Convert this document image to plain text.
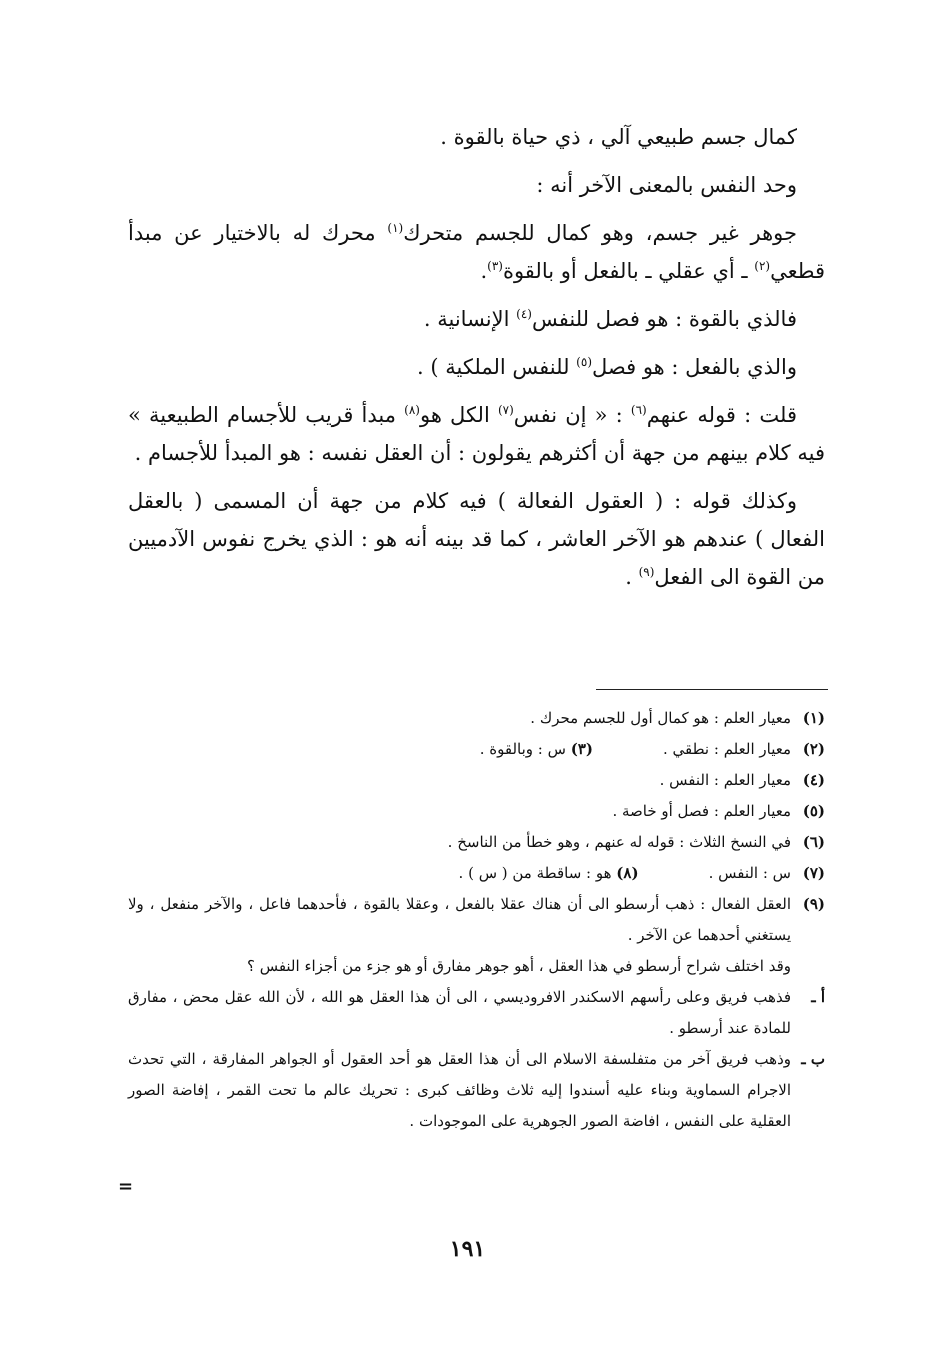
كمال جسم طبيعي آلي ، ذي حياة بالقوة .

وحد النفس بالمعنى الآخر أنه :

جوهر غير جسم، وهو كمال للجسم متحرك$^{(١)}$ محرك له بالاختيار عن مبدأ قطعي$^{(٢)}$ ـ أي عقلي ـ بالفعل أو بالقوة$^{(٣)}$.

فالذي بالقوة : هو فصل للنفس$^{(٤)}$ الإنسانية .

والذي بالفعل : هو فصل$^{(٥)}$ للنفس الملكية ) .

قلت : قوله عنهم$^{(٦)}$ : « إن نفس$^{(٧)}$ الكل هو$^{(٨)}$ مبدأ قريب للأجسام الطبيعية » فيه كلام بينهم من جهة أن أكثرهم يقولون : أن العقل نفسه : هو المبدأ للأجسام .

وكذلك قوله : ( العقول الفعالة ) فيه كلام من جهة أن المسمى ( بالعقل الفعال ) عندهم هو الآخر العاشر ، كما قد بينه أنه هو : الذي يخرج نفوس الآدميين من القوة الى الفعل$^{(٩)}$ .

(١)
معيار العلم : هو كمال أول للجسم محرك .
(٢)
معيار العلم : نطقي .(٣) س : وبالقوة .
(٤)
معيار العلم : النفس .
(٥)
معيار العلم : فصل أو خاصة .
(٦)
في النسخ الثلاث : قوله له عنهم ، وهو خطأ من الناسخ .
(٧)
س : النفس .(٨) هو : ساقطة من ( س ) .
(٩)
العقل الفعال : ذهب أرسطو الى أن هناك عقلا بالفعل ، وعقلا بالقوة ، فأحدهما فاعل ، والآخر منفعل ، ولا يستغني أحدهما عن الآخر .
وقد اختلف شراح أرسطو في هذا العقل ، أهو جوهر مفارق أو هو جزء من أجزاء النفس ؟
أ ـ
فذهب فريق وعلى رأسهم الاسكندر الافروديسي ، الى أن هذا العقل هو الله ، لأن الله عقل محض ، مفارق للمادة عند أرسطو .
ب ـ
وذهب فريق آخر من متفلسفة الاسلام الى أن هذا العقل هو أحد العقول أو الجواهر المفارقة ، التي تحدث الاجرام السماوية وبناء عليه أسندوا إليه ثلاث وظائف كبرى : تحريك عالم ما تحت القمر ، إفاضة الصور العقلية على النفس ، افاضة الصور الجوهرية على الموجودات .
=
١٩١
